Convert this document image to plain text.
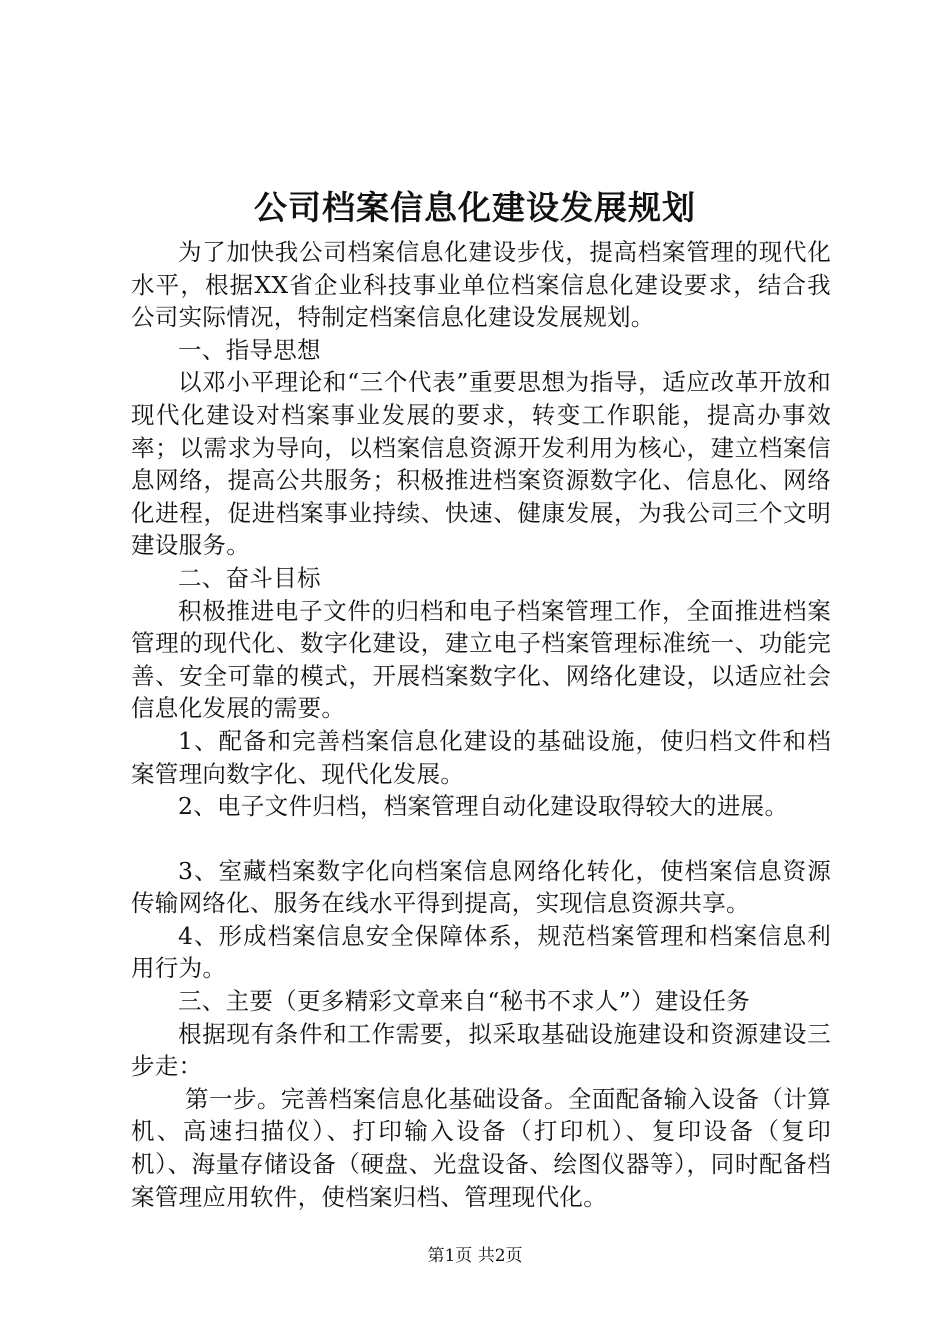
公司档案信息化建设发展规划

为了加快我公司档案信息化建设步伐，提高档案管理的现代化水平，根据XX省企业科技事业单位档案信息化建设要求，结合我公司实际情况，特制定档案信息化建设发展规划。

一、指导思想

以邓小平理论和“三个代表”重要思想为指导，适应改革开放和现代化建设对档案事业发展的要求，转变工作职能，提高办事效率；以需求为导向，以档案信息资源开发利用为核心，建立档案信息网络，提高公共服务；积极推进档案资源数字化、信息化、网络化进程，促进档案事业持续、快速、健康发展，为我公司三个文明建设服务。

二、奋斗目标

积极推进电子文件的归档和电子档案管理工作，全面推进档案管理的现代化、数字化建设，建立电子档案管理标准统一、功能完善、安全可靠的模式，开展档案数字化、网络化建设，以适应社会信息化发展的需要。

1、配备和完善档案信息化建设的基础设施，使归档文件和档案管理向数字化、现代化发展。

2、电子文件归档，档案管理自动化建设取得较大的进展。

3、室藏档案数字化向档案信息网络化转化，使档案信息资源传输网络化、服务在线水平得到提高，实现信息资源共享。

4、形成档案信息安全保障体系，规范档案管理和档案信息利用行为。

三、主要（更多精彩文章来自“秘书不求人”）建设任务

根据现有条件和工作需要，拟采取基础设施建设和资源建设三步走：

第一步。完善档案信息化基础设备。全面配备输入设备（计算机、高速扫描仪）、打印输入设备（打印机）、复印设备（复印机）、海量存储设备（硬盘、光盘设备、绘图仪器等），同时配备档案管理应用软件，使档案归档、管理现代化。

第1页 共2页
